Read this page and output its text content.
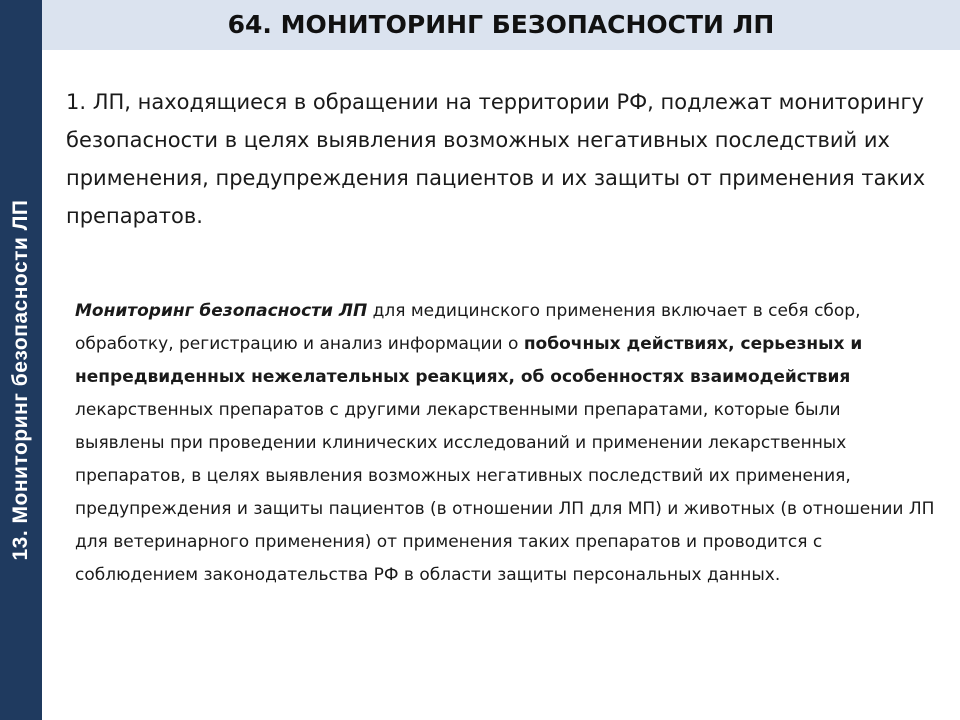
13. Мониторинг безопасности ЛП
64. МОНИТОРИНГ БЕЗОПАСНОСТИ ЛП

1. ЛП, находящиеся в обращении на территории РФ, подлежат мониторингу безопасности в целях выявления возможных негативных последствий их применения, предупреждения пациентов и их защиты от применения таких препаратов.

Мониторинг безопасности ЛП для медицинского применения включает в себя сбор, обработку, регистрацию и анализ информации о побочных действиях, серьезных и непредвиденных нежелательных реакциях, об особенностях взаимодействия лекарственных препаратов с другими лекарственными препаратами, которые были выявлены при проведении клинических исследований и применении лекарственных препаратов, в целях выявления возможных негативных последствий их применения, предупреждения и защиты пациентов (в отношении ЛП для МП) и животных (в отношении ЛП для ветеринарного применения) от применения таких препаратов и проводится с соблюдением законодательства РФ в области защиты персональных данных.
